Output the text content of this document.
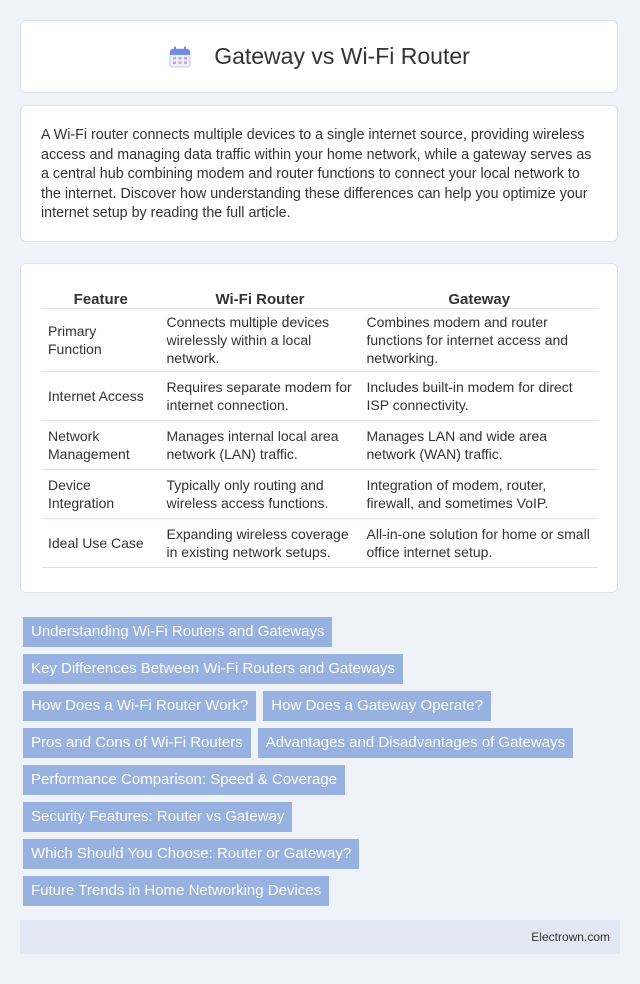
Gateway vs Wi-Fi Router

A Wi-Fi router connects multiple devices to a single internet source, providing wireless access and managing data traffic within your home network, while a gateway serves as a central hub combining modem and router functions to connect your local network to the internet. Discover how understanding these differences can help you optimize your internet setup by reading the full article.

Feature	Wi-Fi Router	Gateway
Primary Function	Connects multiple devices wirelessly within a local network.	Combines modem and router functions for internet access and networking.
Internet Access	Requires separate modem for internet connection.	Includes built-in modem for direct ISP connectivity.
Network Management	Manages internal local area network (LAN) traffic.	Manages LAN and wide area network (WAN) traffic.
Device Integration	Typically only routing and wireless access functions.	Integration of modem, router, firewall, and sometimes VoIP.
Ideal Use Case	Expanding wireless coverage in existing network setups.	All-in-one solution for home or small office internet setup.
Understanding Wi-Fi Routers and Gateways
Key Differences Between Wi-Fi Routers and Gateways
How Does a Wi-Fi Router Work?	How Does a Gateway Operate?
Pros and Cons of Wi-Fi Routers	Advantages and Disadvantages of Gateways
Performance Comparison: Speed & Coverage
Security Features: Router vs Gateway
Which Should You Choose: Router or Gateway?
Future Trends in Home Networking Devices
Electrown.com
